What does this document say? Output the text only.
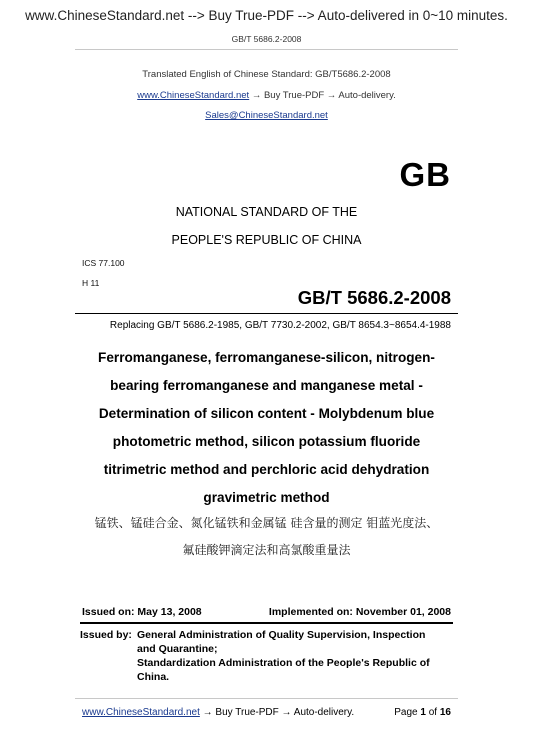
www.ChineseStandard.net --> Buy True-PDF --> Auto-delivered in 0~10 minutes.
GB/T 5686.2-2008
Translated English of Chinese Standard: GB/T5686.2-2008
www.ChineseStandard.net → Buy True-PDF → Auto-delivery.
Sales@ChineseStandard.net
GB
NATIONAL STANDARD OF THE
PEOPLE'S REPUBLIC OF CHINA
ICS 77.100
H 11
GB/T 5686.2-2008
Replacing GB/T 5686.2-1985, GB/T 7730.2-2002, GB/T 8654.3~8654.4-1988
Ferromanganese, ferromanganese-silicon, nitrogen-
bearing ferromanganese and manganese metal -
Determination of silicon content - Molybdenum blue
photometric method, silicon potassium fluoride
titrimetric method and perchloric acid dehydration
gravimetric method
锰铁、锰硅合金、氮化锰铁和金属锰 硅含量的测定 钼蓝光度法、
氟硅酸钾滴定法和高氯酸重量法
Issued on: May 13, 2008	Implemented on: November 01, 2008
Issued by: General Administration of Quality Supervision, Inspection
and Quarantine;
Standardization Administration of the People's Republic of
China.
www.ChineseStandard.net → Buy True-PDF → Auto-delivery.	Page 1 of 16
